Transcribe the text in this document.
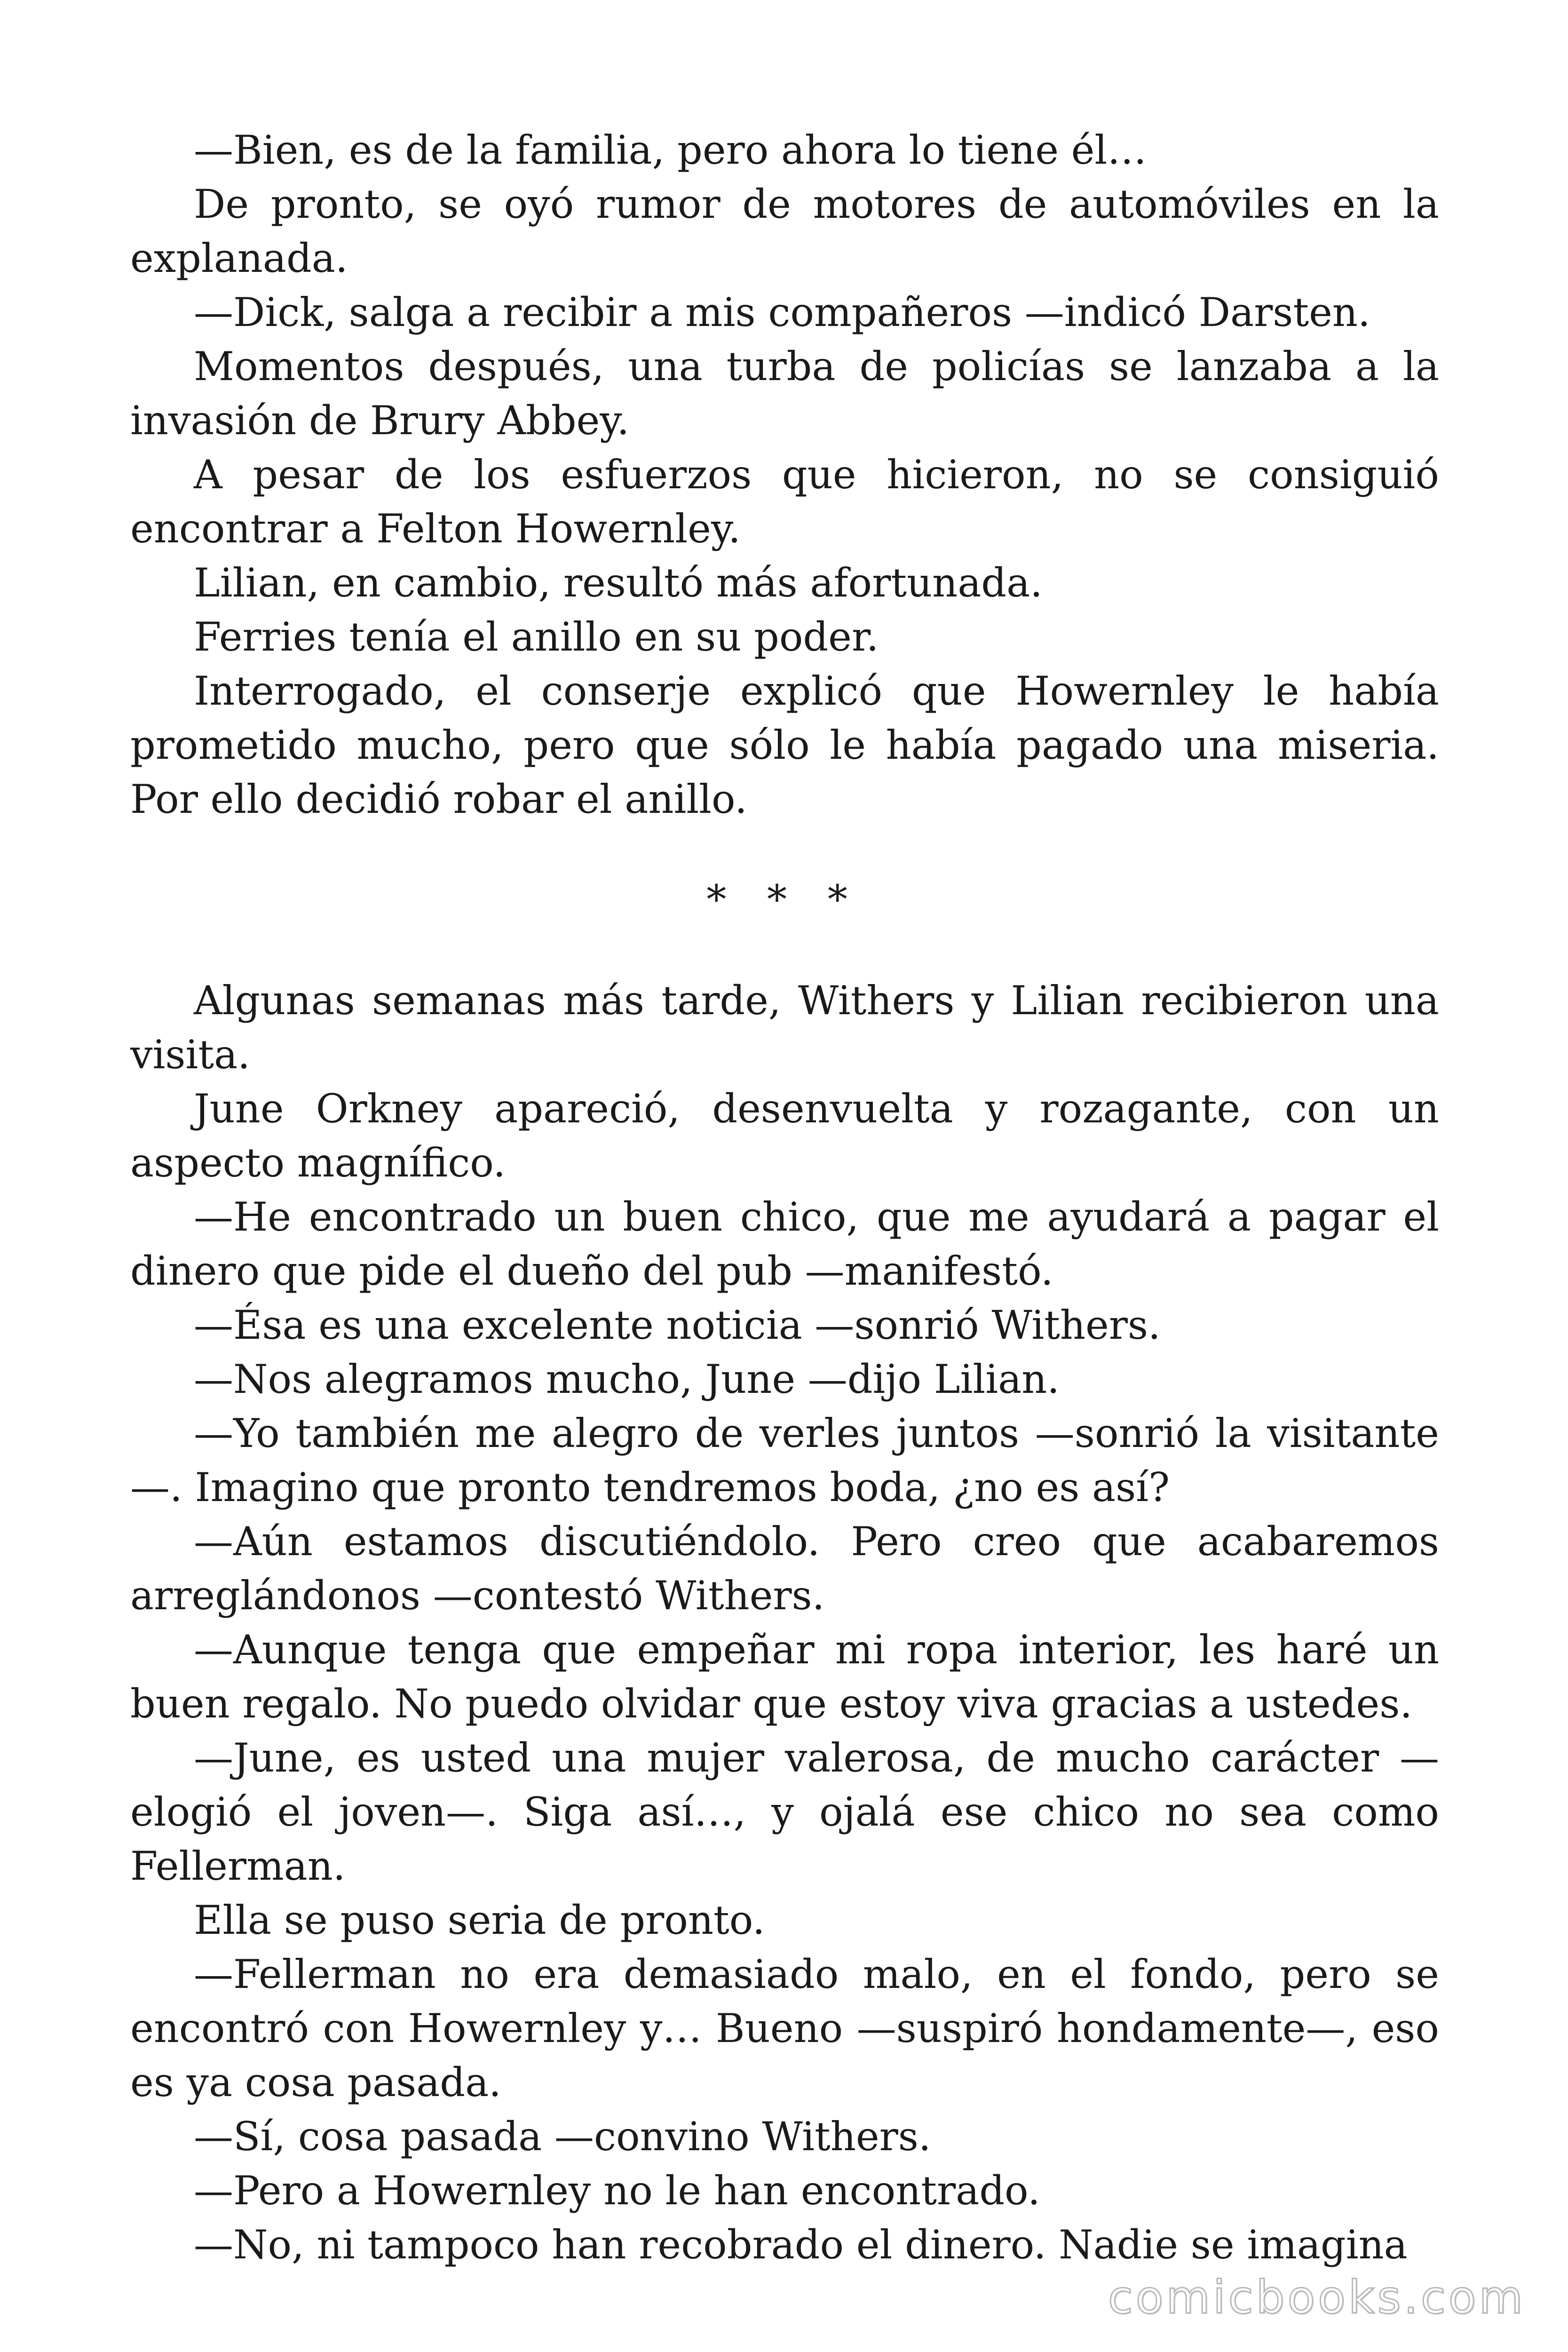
—Bien, es de la familia, pero ahora lo tiene él…

De pronto, se oyó rumor de motores de automóviles en la explanada.

—Dick, salga a recibir a mis compañeros —indicó Darsten.

Momentos después, una turba de policías se lanzaba a la invasión de Brury Abbey.

A pesar de los esfuerzos que hicieron, no se consiguió encontrar a Felton Howernley.

Lilian, en cambio, resultó más afortunada.

Ferries tenía el anillo en su poder.

Interrogado, el conserje explicó que Howernley le había prometido mucho, pero que sólo le había pagado una miseria. Por ello decidió robar el anillo.

* * *

Algunas semanas más tarde, Withers y Lilian recibieron una visita.

June Orkney apareció, desenvuelta y rozagante, con un aspecto magnífico.

—He encontrado un buen chico, que me ayudará a pagar el dinero que pide el dueño del pub —manifestó.

—Ésa es una excelente noticia —sonrió Withers.

—Nos alegramos mucho, June —dijo Lilian.

—Yo también me alegro de verles juntos —sonrió la visitante—. Imagino que pronto tendremos boda, ¿no es así?

—Aún estamos discutiéndolo. Pero creo que acabaremos arreglándonos —contestó Withers.

—Aunque tenga que empeñar mi ropa interior, les haré un buen regalo. No puedo olvidar que estoy viva gracias a ustedes.

—June, es usted una mujer valerosa, de mucho carácter —elogió el joven—. Siga así…, y ojalá ese chico no sea como Fellerman.

Ella se puso seria de pronto.

—Fellerman no era demasiado malo, en el fondo, pero se encontró con Howernley y… Bueno —suspiró hondamente—, eso es ya cosa pasada.

—Sí, cosa pasada —convino Withers.

—Pero a Howernley no le han encontrado.

—No, ni tampoco han recobrado el dinero. Nadie se imagina

comicbooks.com
